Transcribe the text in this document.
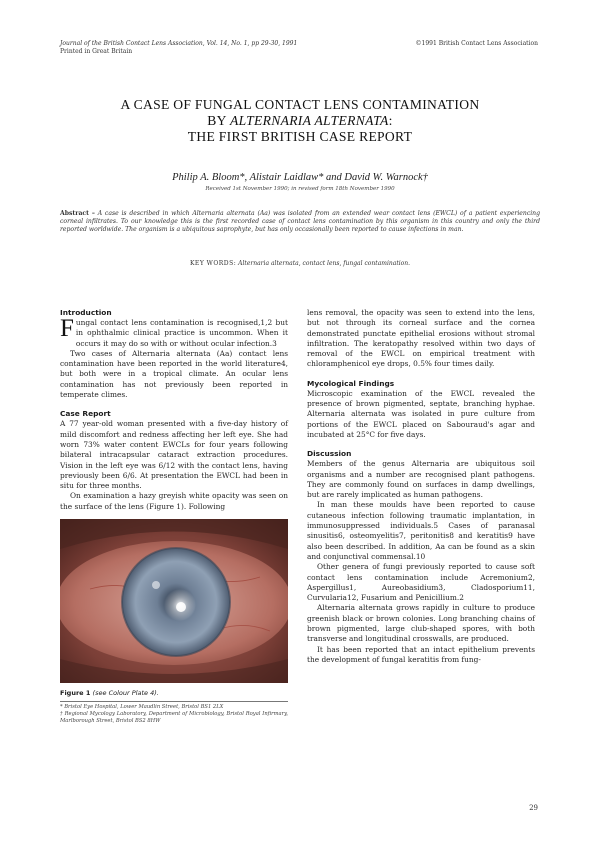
Journal of the British Contact Lens Association, Vol. 14, No. 1, pp 29-30, 1991
Printed in Great Britain
©1991 British Contact Lens Association
A CASE OF FUNGAL CONTACT LENS CONTAMINATION
BY ALTERNARIA ALTERNATA:
THE FIRST BRITISH CASE REPORT
Philip A. Bloom*, Alistair Laidlaw* and David W. Warnock†
Received 1st November 1990; in revised form 18th November 1990
Abstract – A case is described in which Alternaria alternata (Aa) was isolated from an extended wear contact lens (EWCL) of a patient experiencing corneal infiltrates. To our knowledge this is the first recorded case of contact lens contamination by this organism in this country and only the third reported worldwide. The organism is a ubiquitous saprophyte, but has only occasionally been reported to cause infections in man.
KEY WORDS: Alternaria alternata, contact lens, fungal contamination.
Introduction

Fungal contact lens contamination is recognised,1,2 but in ophthalmic clinical practice is uncommon. When it occurs it may do so with or without ocular infection.3

Two cases of Alternaria alternata (Aa) contact lens contamination have been reported in the world literature4, but both were in a tropical climate. An ocular lens contamination has not previously been reported in temperate climes.

Case Report

A 77 year-old woman presented with a five-day history of mild discomfort and redness affecting her left eye. She had worn 73% water content EWCLs for four years following bilateral intracapsular cataract extraction procedures. Vision in the left eye was 6/12 with the contact lens, having previously been 6/6. At presentation the EWCL had been in situ for three months.

On examination a hazy greyish white opacity was seen on the surface of the lens (Figure 1). Following

Figure 1 (see Colour Plate 4).
* Bristol Eye Hospital, Lower Maudlin Street, Bristol BS1 2LX
† Regional Mycology Laboratory, Department of Microbiology, Bristol Royal Infirmary, Marlborough Street, Bristol BS2 8HW

lens removal, the opacity was seen to extend into the lens, but not through its corneal surface and the cornea demonstrated punctate epithelial erosions without stromal infiltration. The keratopathy resolved within two days of removal of the EWCL on empirical treatment with chloramphenicol eye drops, 0.5% four times daily.

Mycological Findings

Microscopic examination of the EWCL revealed the presence of brown pigmented, septate, branching hyphae. Alternaria alternata was isolated in pure culture from portions of the EWCL placed on Sabouraud's agar and incubated at 25°C for five days.

Discussion

Members of the genus Alternaria are ubiquitous soil organisms and a number are recognised plant pathogens. They are commonly found on surfaces in damp dwellings, but are rarely implicated as human pathogens.

In man these moulds have been reported to cause cutaneous infection following traumatic implantation, in immunosuppressed individuals.5 Cases of paranasal sinusitis6, osteomyelitis7, peritonitis8 and keratitis9 have also been described. In addition, Aa can be found as a skin and conjunctival commensal.10

Other genera of fungi previously reported to cause soft contact lens contamination include Acremonium2, Aspergillus1, Aureobasidium3, Cladosporium11, Curvularia12, Fusarium and Penicillium.2

Alternaria alternata grows rapidly in culture to produce greenish black or brown colonies. Long branching chains of brown pigmented, large club-shaped spores, with both transverse and longitudinal crosswalls, are produced.

It has been reported that an intact epithelium prevents the development of fungal keratitis from fung-

29
